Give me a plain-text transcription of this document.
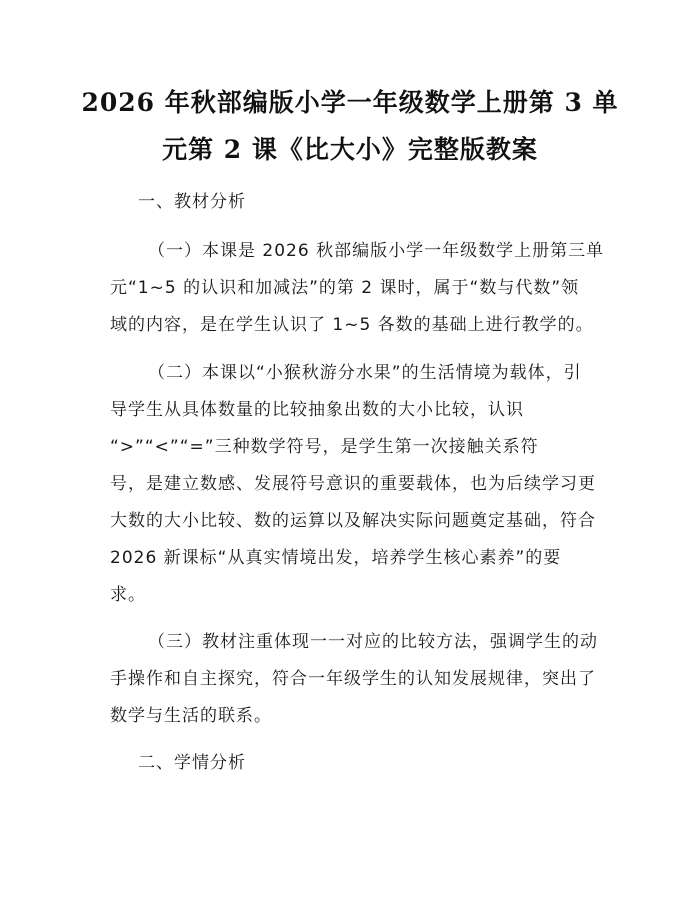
2026 年秋部编版小学一年级数学上册第 3 单
元第 2 课《比大小》完整版教案
一、教材分析
（一）本课是 2026 秋部编版小学一年级数学上册第三单
元“1~5 的认识和加减法”的第 2 课时，属于“数与代数”领
域的内容，是在学生认识了 1~5 各数的基础上进行教学的。
（二）本课以“小猴秋游分水果”的生活情境为载体，引
导学生从具体数量的比较抽象出数的大小比较，认识
“>”“<”“=”三种数学符号，是学生第一次接触关系符
号，是建立数感、发展符号意识的重要载体，也为后续学习更
大数的大小比较、数的运算以及解决实际问题奠定基础，符合
2026 新课标“从真实情境出发，培养学生核心素养”的要
求。
（三）教材注重体现一一对应的比较方法，强调学生的动
手操作和自主探究，符合一年级学生的认知发展规律，突出了
数学与生活的联系。
二、学情分析
